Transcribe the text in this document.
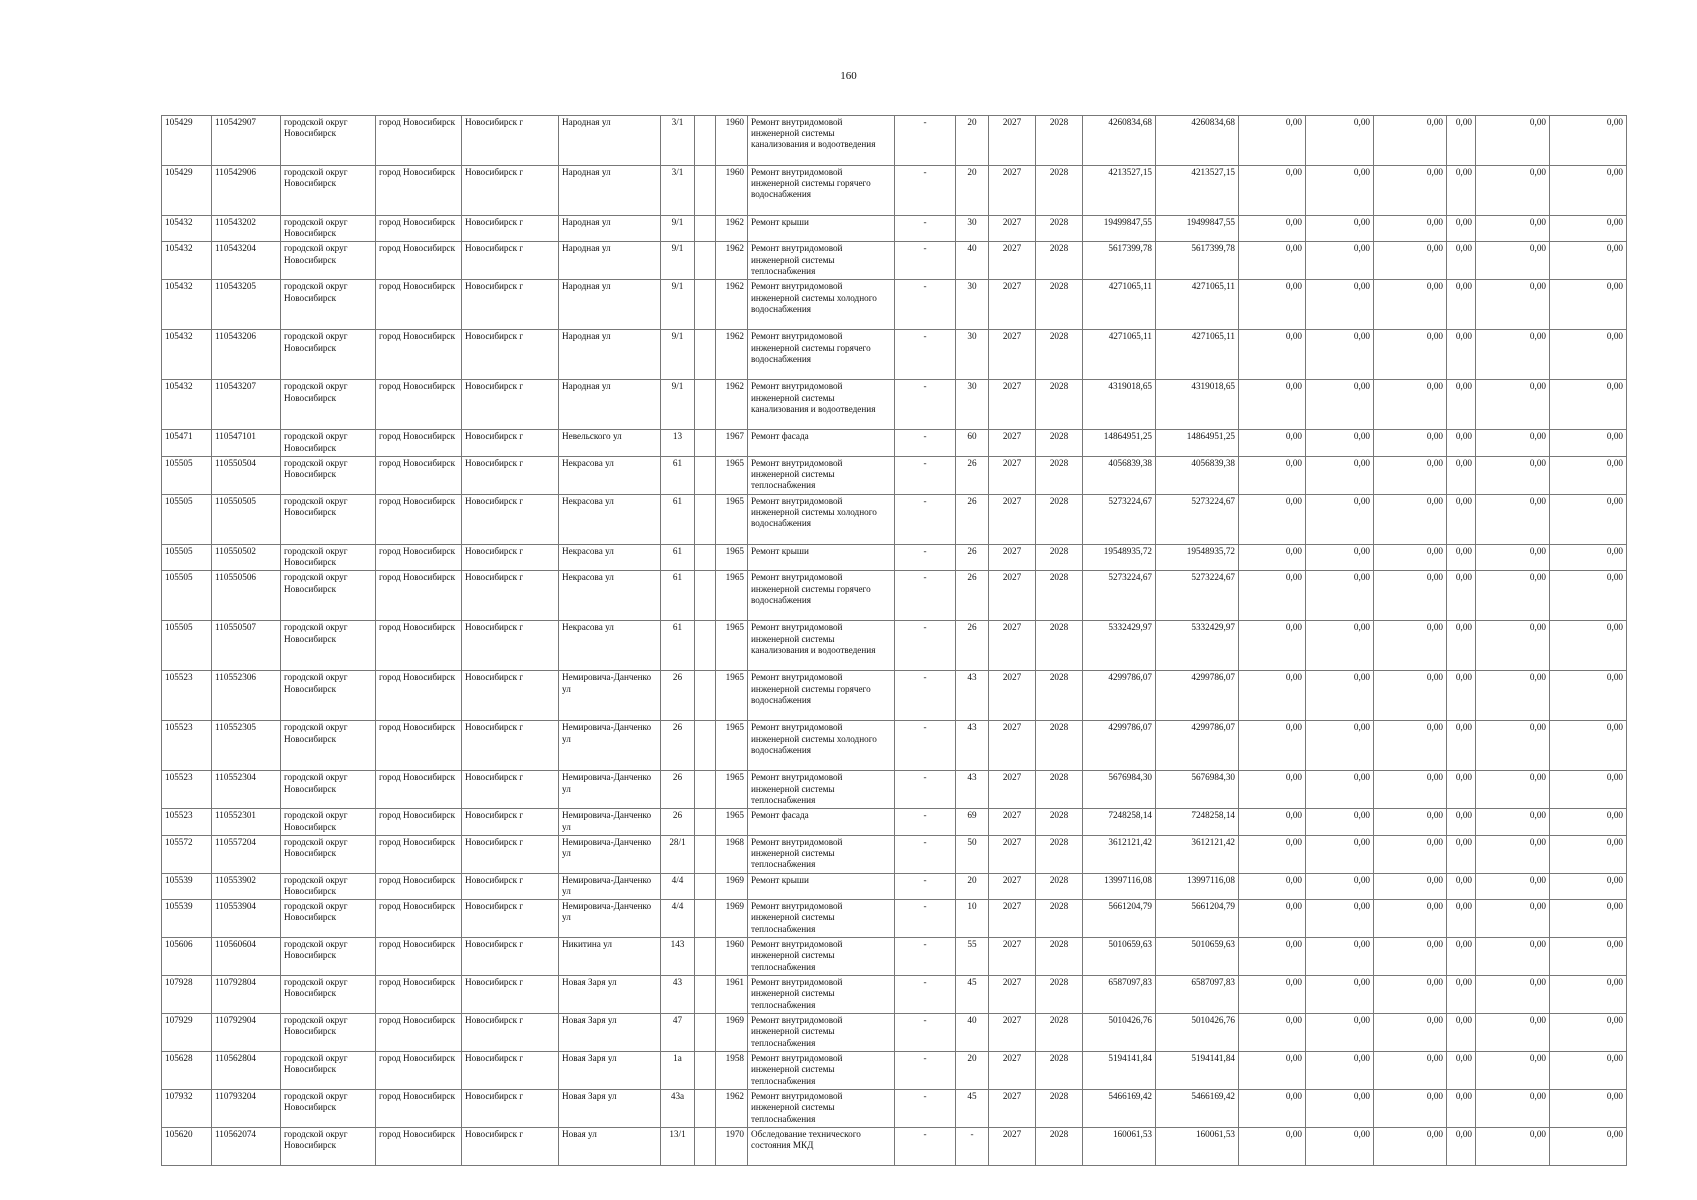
160
105429	110542907	городской округ Новосибирск	город Новосибирск	Новосибирск г	Народная ул	3/1		1960	Ремонт внутридомовой инженерной системы канализования и водоотведения	-	20	2027	2028	4260834,68	4260834,68	0,00	0,00	0,00	0,00	0,00	0,00
105429	110542906	городской округ Новосибирск	город Новосибирск	Новосибирск г	Народная ул	3/1		1960	Ремонт внутридомовой инженерной системы горячего водоснабжения	-	20	2027	2028	4213527,15	4213527,15	0,00	0,00	0,00	0,00	0,00	0,00
105432	110543202	городской округ Новосибирск	город Новосибирск	Новосибирск г	Народная ул	9/1		1962	Ремонт крыши	-	30	2027	2028	19499847,55	19499847,55	0,00	0,00	0,00	0,00	0,00	0,00
105432	110543204	городской округ Новосибирск	город Новосибирск	Новосибирск г	Народная ул	9/1		1962	Ремонт внутридомовой инженерной системы теплоснабжения	-	40	2027	2028	5617399,78	5617399,78	0,00	0,00	0,00	0,00	0,00	0,00
105432	110543205	городской округ Новосибирск	город Новосибирск	Новосибирск г	Народная ул	9/1		1962	Ремонт внутридомовой инженерной системы холодного водоснабжения	-	30	2027	2028	4271065,11	4271065,11	0,00	0,00	0,00	0,00	0,00	0,00
105432	110543206	городской округ Новосибирск	город Новосибирск	Новосибирск г	Народная ул	9/1		1962	Ремонт внутридомовой инженерной системы горячего водоснабжения	-	30	2027	2028	4271065,11	4271065,11	0,00	0,00	0,00	0,00	0,00	0,00
105432	110543207	городской округ Новосибирск	город Новосибирск	Новосибирск г	Народная ул	9/1		1962	Ремонт внутридомовой инженерной системы канализования и водоотведения	-	30	2027	2028	4319018,65	4319018,65	0,00	0,00	0,00	0,00	0,00	0,00
105471	110547101	городской округ Новосибирск	город Новосибирск	Новосибирск г	Невельского ул	13		1967	Ремонт фасада	-	60	2027	2028	14864951,25	14864951,25	0,00	0,00	0,00	0,00	0,00	0,00
105505	110550504	городской округ Новосибирск	город Новосибирск	Новосибирск г	Некрасова ул	61		1965	Ремонт внутридомовой инженерной системы теплоснабжения	-	26	2027	2028	4056839,38	4056839,38	0,00	0,00	0,00	0,00	0,00	0,00
105505	110550505	городской округ Новосибирск	город Новосибирск	Новосибирск г	Некрасова ул	61		1965	Ремонт внутридомовой инженерной системы холодного водоснабжения	-	26	2027	2028	5273224,67	5273224,67	0,00	0,00	0,00	0,00	0,00	0,00
105505	110550502	городской округ Новосибирск	город Новосибирск	Новосибирск г	Некрасова ул	61		1965	Ремонт крыши	-	26	2027	2028	19548935,72	19548935,72	0,00	0,00	0,00	0,00	0,00	0,00
105505	110550506	городской округ Новосибирск	город Новосибирск	Новосибирск г	Некрасова ул	61		1965	Ремонт внутридомовой инженерной системы горячего водоснабжения	-	26	2027	2028	5273224,67	5273224,67	0,00	0,00	0,00	0,00	0,00	0,00
105505	110550507	городской округ Новосибирск	город Новосибирск	Новосибирск г	Некрасова ул	61		1965	Ремонт внутридомовой инженерной системы канализования и водоотведения	-	26	2027	2028	5332429,97	5332429,97	0,00	0,00	0,00	0,00	0,00	0,00
105523	110552306	городской округ Новосибирск	город Новосибирск	Новосибирск г	Немировича-Данченко ул	26		1965	Ремонт внутридомовой инженерной системы горячего водоснабжения	-	43	2027	2028	4299786,07	4299786,07	0,00	0,00	0,00	0,00	0,00	0,00
105523	110552305	городской округ Новосибирск	город Новосибирск	Новосибирск г	Немировича-Данченко ул	26		1965	Ремонт внутридомовой инженерной системы холодного водоснабжения	-	43	2027	2028	4299786,07	4299786,07	0,00	0,00	0,00	0,00	0,00	0,00
105523	110552304	городской округ Новосибирск	город Новосибирск	Новосибирск г	Немировича-Данченко ул	26		1965	Ремонт внутридомовой инженерной системы теплоснабжения	-	43	2027	2028	5676984,30	5676984,30	0,00	0,00	0,00	0,00	0,00	0,00
105523	110552301	городской округ Новосибирск	город Новосибирск	Новосибирск г	Немировича-Данченко ул	26		1965	Ремонт фасада	-	69	2027	2028	7248258,14	7248258,14	0,00	0,00	0,00	0,00	0,00	0,00
105572	110557204	городской округ Новосибирск	город Новосибирск	Новосибирск г	Немировича-Данченко ул	28/1		1968	Ремонт внутридомовой инженерной системы теплоснабжения	-	50	2027	2028	3612121,42	3612121,42	0,00	0,00	0,00	0,00	0,00	0,00
105539	110553902	городской округ Новосибирск	город Новосибирск	Новосибирск г	Немировича-Данченко ул	4/4		1969	Ремонт крыши	-	20	2027	2028	13997116,08	13997116,08	0,00	0,00	0,00	0,00	0,00	0,00
105539	110553904	городской округ Новосибирск	город Новосибирск	Новосибирск г	Немировича-Данченко ул	4/4		1969	Ремонт внутридомовой инженерной системы теплоснабжения	-	10	2027	2028	5661204,79	5661204,79	0,00	0,00	0,00	0,00	0,00	0,00
105606	110560604	городской округ Новосибирск	город Новосибирск	Новосибирск г	Никитина ул	143		1960	Ремонт внутридомовой инженерной системы теплоснабжения	-	55	2027	2028	5010659,63	5010659,63	0,00	0,00	0,00	0,00	0,00	0,00
107928	110792804	городской округ Новосибирск	город Новосибирск	Новосибирск г	Новая Заря ул	43		1961	Ремонт внутридомовой инженерной системы теплоснабжения	-	45	2027	2028	6587097,83	6587097,83	0,00	0,00	0,00	0,00	0,00	0,00
107929	110792904	городской округ Новосибирск	город Новосибирск	Новосибирск г	Новая Заря ул	47		1969	Ремонт внутридомовой инженерной системы теплоснабжения	-	40	2027	2028	5010426,76	5010426,76	0,00	0,00	0,00	0,00	0,00	0,00
105628	110562804	городской округ Новосибирск	город Новосибирск	Новосибирск г	Новая Заря ул	1а		1958	Ремонт внутридомовой инженерной системы теплоснабжения	-	20	2027	2028	5194141,84	5194141,84	0,00	0,00	0,00	0,00	0,00	0,00
107932	110793204	городской округ Новосибирск	город Новосибирск	Новосибирск г	Новая Заря ул	43а		1962	Ремонт внутридомовой инженерной системы теплоснабжения	-	45	2027	2028	5466169,42	5466169,42	0,00	0,00	0,00	0,00	0,00	0,00
105620	110562074	городской округ Новосибирск	город Новосибирск	Новосибирск г	Новая ул	13/1		1970	Обследование технического состояния МКД	-	-	2027	2028	160061,53	160061,53	0,00	0,00	0,00	0,00	0,00	0,00
